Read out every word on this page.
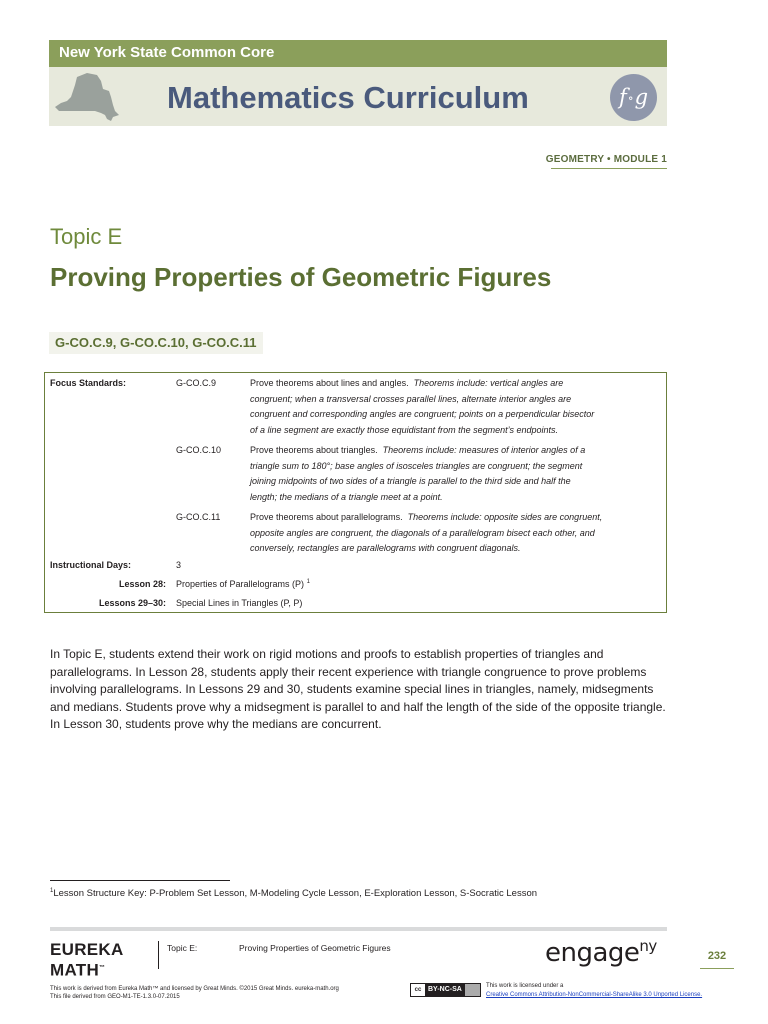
New York State Common Core
Mathematics Curriculum	f∘g
GEOMETRY • MODULE 1
Topic E
Proving Properties of Geometric Figures
G-CO.C.9, G-CO.C.10, G-CO.C.11
Focus Standards:	G-CO.C.9	Prove theorems about lines and angles. Theorems include: vertical angles are
congruent; when a transversal crosses parallel lines, alternate interior angles are
congruent and corresponding angles are congruent; points on a perpendicular bisector
of a line segment are exactly those equidistant from the segment’s endpoints.
G-CO.C.10	Prove theorems about triangles. Theorems include: measures of interior angles of a
triangle sum to 180°; base angles of isosceles triangles are congruent; the segment
joining midpoints of two sides of a triangle is parallel to the third side and half the
length; the medians of a triangle meet at a point.
G-CO.C.11	Prove theorems about parallelograms. Theorems include: opposite sides are congruent,
opposite angles are congruent, the diagonals of a parallelogram bisect each other, and
conversely, rectangles are parallelograms with congruent diagonals.
Instructional Days:	3
Lesson 28: Properties of Parallelograms (P) $^1$
Lessons 29–30: Special Lines in Triangles (P, P)

In Topic E, students extend their work on rigid motions and proofs to establish properties of triangles and parallelograms. In Lesson 28, students apply their recent experience with triangle congruence to prove problems involving parallelograms. In Lessons 29 and 30, students examine special lines in triangles, namely, midsegments and medians. Students prove why a midsegment is parallel to and half the length of the side of the opposite triangle. In Lesson 30, students prove why the medians are concurrent.

$^1$Lesson Structure Key: P-Problem Set Lesson, M-Modeling Cycle Lesson, E-Exploration Lesson, S-Socratic Lesson
EUREKA
MATH™
Topic E:	Proving Properties of Geometric Figures	engage$^{ny}$
232
This work is derived from Eureka Math™ and licensed by Great Minds. ©2015 Great Minds. eureka-math.org
This file derived from GEO-M1-TE-1.3.0-07.2015
cc BY-NC-SA	This work is licensed under a
Creative Commons Attribution-NonCommercial-ShareAlike 3.0 Unported License.
